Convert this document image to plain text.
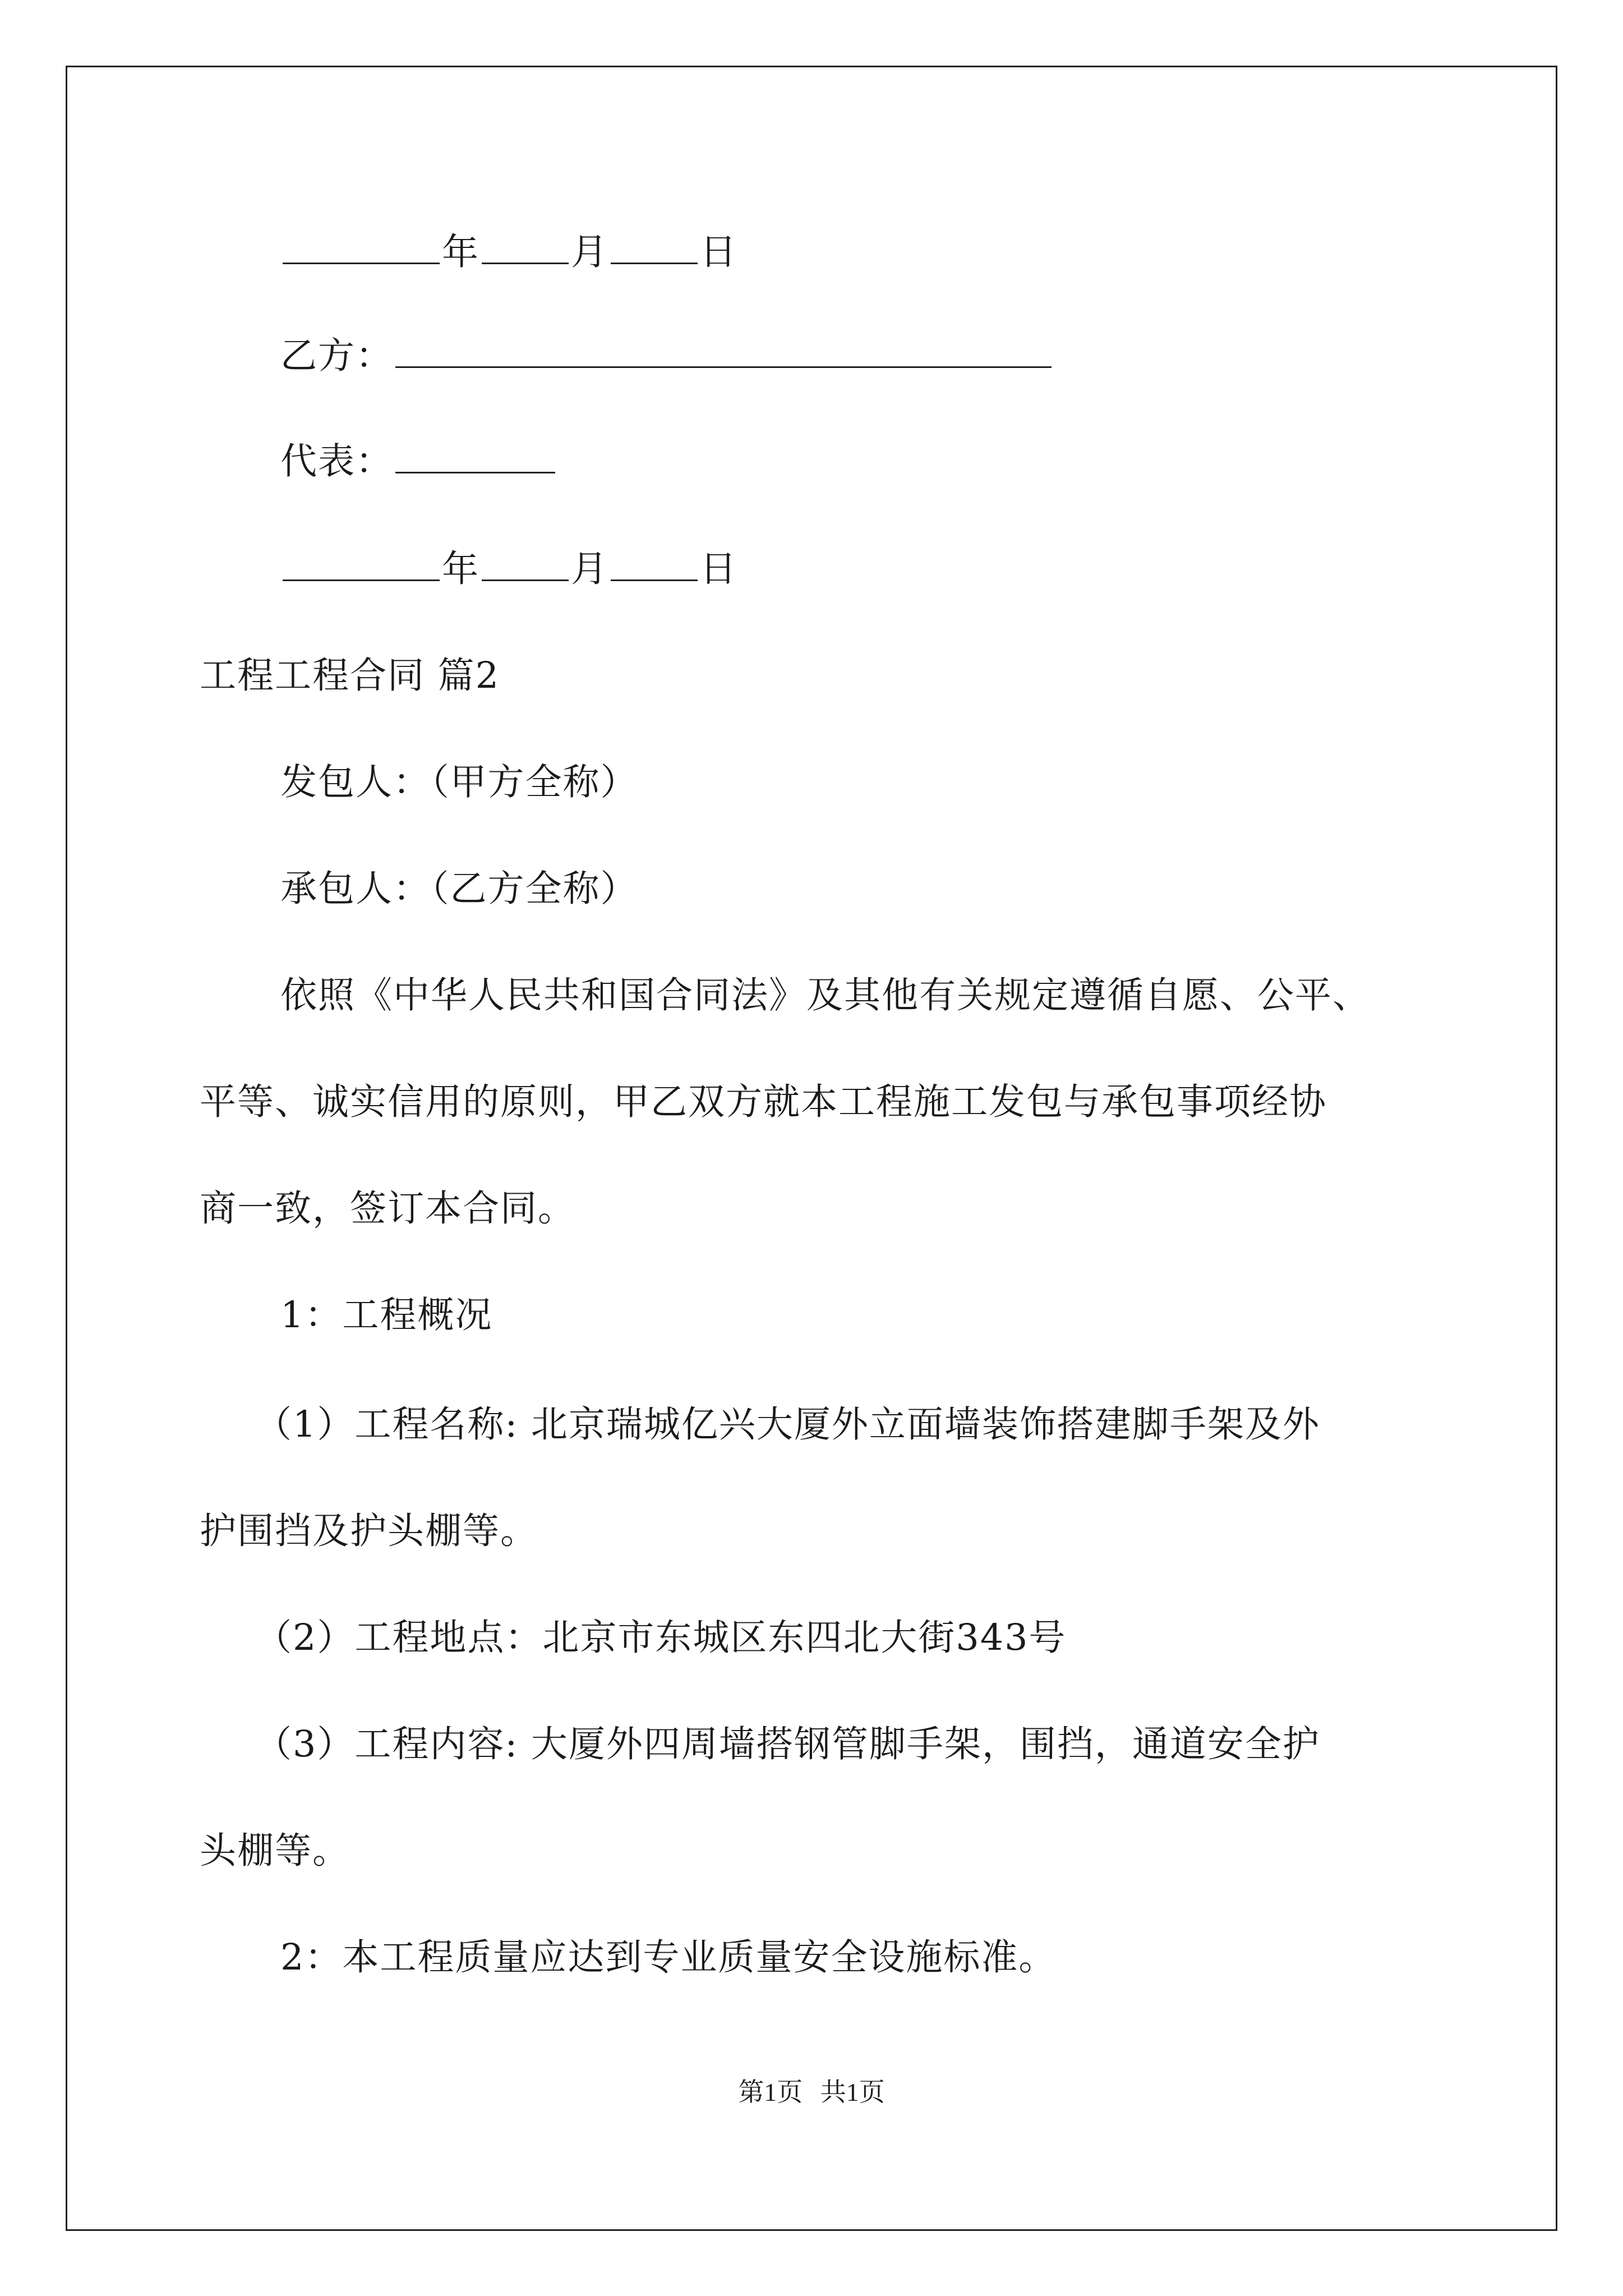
年	月	日
乙方：
代表：
年	月	日
工程工程合同 篇2
发包人：（甲方全称）
承包人：（乙方全称）
依照《中华人民共和国合同法》及其他有关规定遵循自愿、公平、
平等、诚实信用的原则，甲乙双方就本工程施工发包与承包事项经协
商一致，签订本合同。
1：工程概况
（1）工程名称: 北京瑞城亿兴大厦外立面墙装饰搭建脚手架及外
护围挡及护头棚等。
（2）工程地点：北京市东城区东四北大街343号
（3）工程内容: 大厦外四周墙搭钢管脚手架，围挡，通道安全护
头棚等。
2：本工程质量应达到专业质量安全设施标准。
第1页 共1页
